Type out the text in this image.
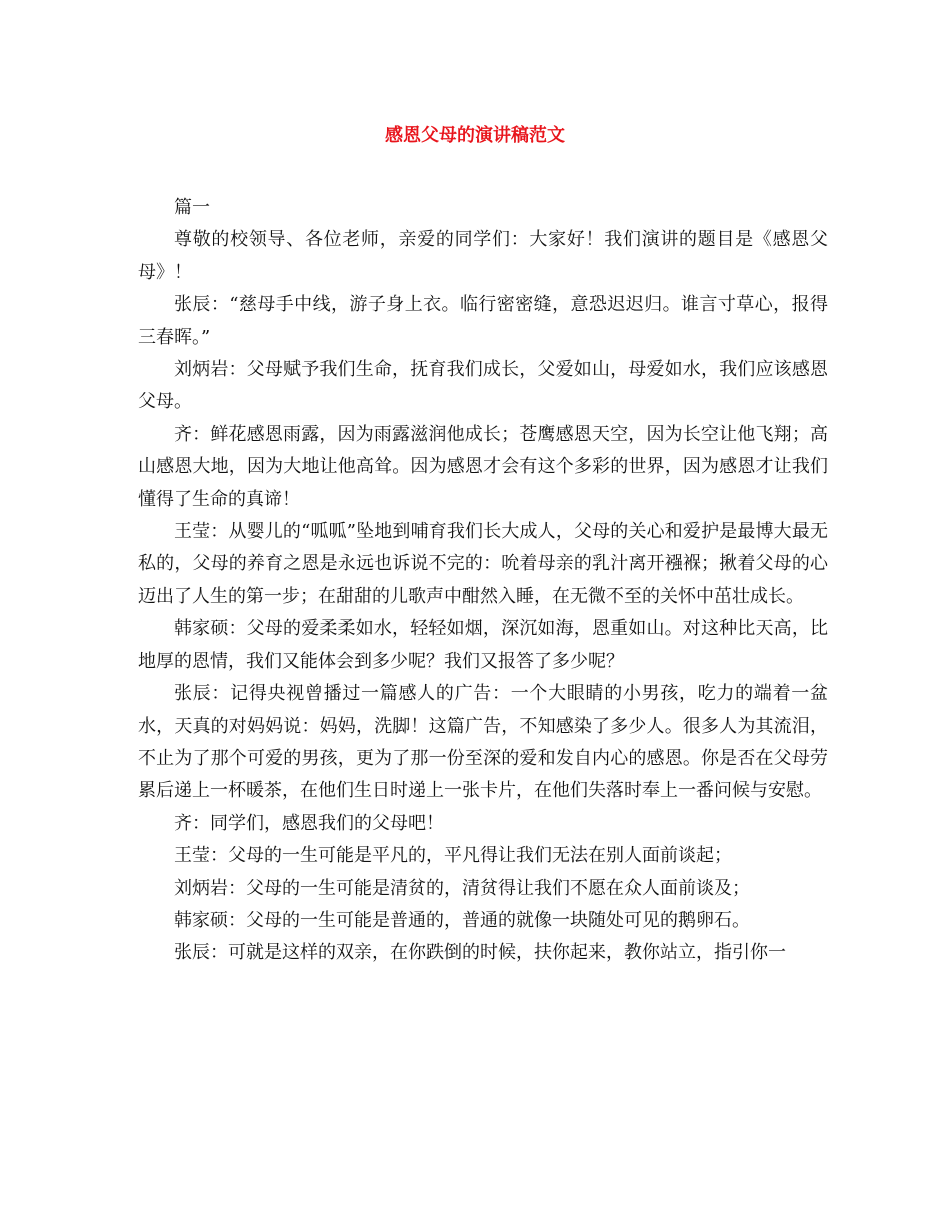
感恩父母的演讲稿范文

篇一

尊敬的校领导、各位老师，亲爱的同学们：大家好！我们演讲的题目是《感恩父母》！

张辰：“慈母手中线，游子身上衣。临行密密缝，意恐迟迟归。谁言寸草心，报得三春晖。”

刘炳岩：父母赋予我们生命，抚育我们成长，父爱如山，母爱如水，我们应该感恩父母。

齐：鲜花感恩雨露，因为雨露滋润他成长；苍鹰感恩天空，因为长空让他飞翔；高山感恩大地，因为大地让他高耸。因为感恩才会有这个多彩的世界，因为感恩才让我们懂得了生命的真谛！

王莹：从婴儿的“呱呱”坠地到哺育我们长大成人，父母的关心和爱护是最博大最无私的，父母的养育之恩是永远也诉说不完的：吮着母亲的乳汁离开襁褓；揪着父母的心迈出了人生的第一步；在甜甜的儿歌声中酣然入睡，在无微不至的关怀中茁壮成长。

韩家硕：父母的爱柔柔如水，轻轻如烟，深沉如海，恩重如山。对这种比天高，比地厚的恩情，我们又能体会到多少呢？我们又报答了多少呢？

张辰：记得央视曾播过一篇感人的广告：一个大眼睛的小男孩，吃力的端着一盆水，天真的对妈妈说：妈妈，洗脚！这篇广告，不知感染了多少人。很多人为其流泪，不止为了那个可爱的男孩，更为了那一份至深的爱和发自内心的感恩。你是否在父母劳累后递上一杯暖茶，在他们生日时递上一张卡片，在他们失落时奉上一番问候与安慰。

齐：同学们，感恩我们的父母吧！

王莹：父母的一生可能是平凡的，平凡得让我们无法在别人面前谈起；

刘炳岩：父母的一生可能是清贫的，清贫得让我们不愿在众人面前谈及；

韩家硕：父母的一生可能是普通的，普通的就像一块随处可见的鹅卵石。

张辰：可就是这样的双亲，在你跌倒的时候，扶你起来，教你站立，指引你一
